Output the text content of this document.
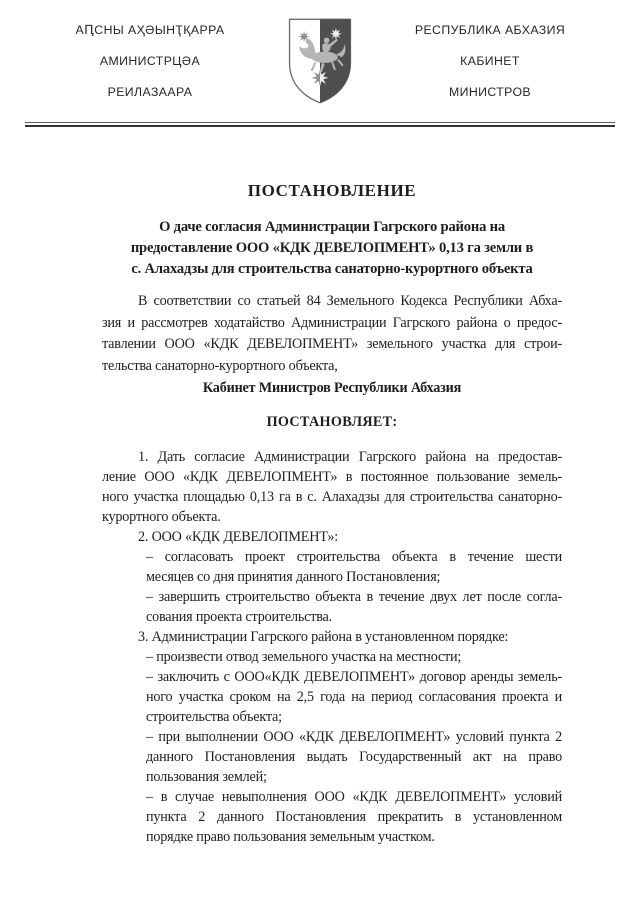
АԤСНЫ АҲӘЫНҬҚАРРА
АМИНИСТРЦӘА
РЕИЛАЗААРА
РЕСПУБЛИКА АБХАЗИЯ
КАБИНЕТ
МИНИСТРОВ
ПОСТАНОВЛЕНИЕ
О даче согласия Администрации Гагрского района на
предоставление ООО «КДК ДЕВЕЛОПМЕНТ» 0,13 га земли в
с. Алахадзы для строительства санаторно-курортного объекта
В соответствии со статьей 84 Земельного Кодекса Республики Абха-
зия и рассмотрев ходатайство Администрации Гагрского района о предос-
тавлении ООО «КДК ДЕВЕЛОПМЕНТ» земельного участка для строи-
тельства санаторно-курортного объекта,
Кабинет Министров Республики Абхазия
ПОСТАНОВЛЯЕТ:
1. Дать согласие Администрации Гагрского района на предостав-
ление ООО «КДК ДЕВЕЛОПМЕНТ» в постоянное пользование земель-
ного участка площадью 0,13 га в с. Алахадзы для строительства санаторно-
курортного объекта.
2. ООО «КДК ДЕВЕЛОПМЕНТ»:
– согласовать проект строительства объекта в течение шести
месяцев со дня принятия данного Постановления;
– завершить строительство объекта в течение двух лет после согла-
сования проекта строительства.
3. Администрации Гагрского района в установленном порядке:
– произвести отвод земельного участка на местности;
– заключить с ООО«КДК ДЕВЕЛОПМЕНТ» договор аренды земель-
ного участка сроком на 2,5 года на период согласования проекта и
строительства объекта;
– при выполнении ООО «КДК ДЕВЕЛОПМЕНТ» условий пункта 2
данного Постановления выдать Государственный акт на право
пользования землей;
– в случае невыполнения ООО «КДК ДЕВЕЛОПМЕНТ» условий
пункта 2 данного Постановления прекратить в установленном
порядке право пользования земельным участком.
